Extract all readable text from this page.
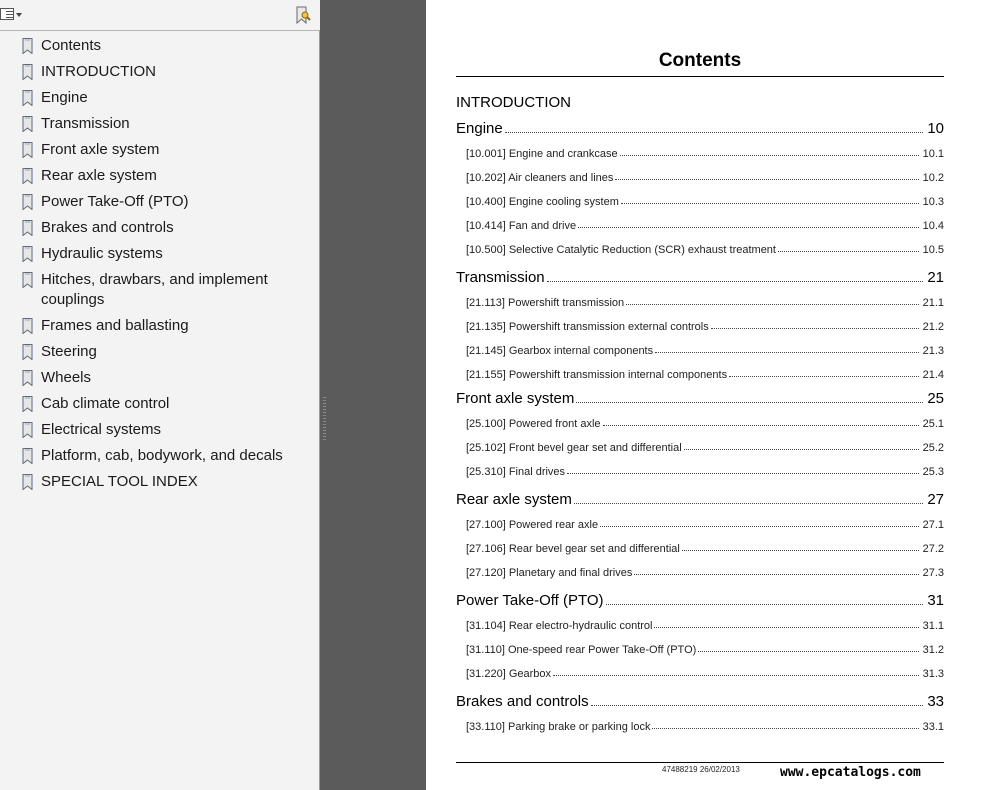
Contents
INTRODUCTION
Engine
Transmission
Front axle system
Rear axle system
Power Take-Off (PTO)
Brakes and controls
Hydraulic systems
Hitches, drawbars, and implement couplings
Frames and ballasting
Steering
Wheels
Cab climate control
Electrical systems
Platform, cab, bodywork, and decals
SPECIAL TOOL INDEX
Contents
INTRODUCTION
Engine	10
[10.001] Engine and crankcase	10.1
[10.202] Air cleaners and lines	10.2
[10.400] Engine cooling system	10.3
[10.414] Fan and drive	10.4
[10.500] Selective Catalytic Reduction (SCR) exhaust treatment	10.5
Transmission	21
[21.113] Powershift transmission	21.1
[21.135] Powershift transmission external controls	21.2
[21.145] Gearbox internal components	21.3
[21.155] Powershift transmission internal components	21.4
Front axle system	25
[25.100] Powered front axle	25.1
[25.102] Front bevel gear set and differential	25.2
[25.310] Final drives	25.3
Rear axle system	27
[27.100] Powered rear axle	27.1
[27.106] Rear bevel gear set and differential	27.2
[27.120] Planetary and final drives	27.3
Power Take-Off (PTO)	31
[31.104] Rear electro-hydraulic control	31.1
[31.110] One-speed rear Power Take-Off (PTO)	31.2
[31.220] Gearbox	31.3
Brakes and controls	33
[33.110] Parking brake or parking lock	33.1
47488219 26/02/2013	www.epcatalogs.com
